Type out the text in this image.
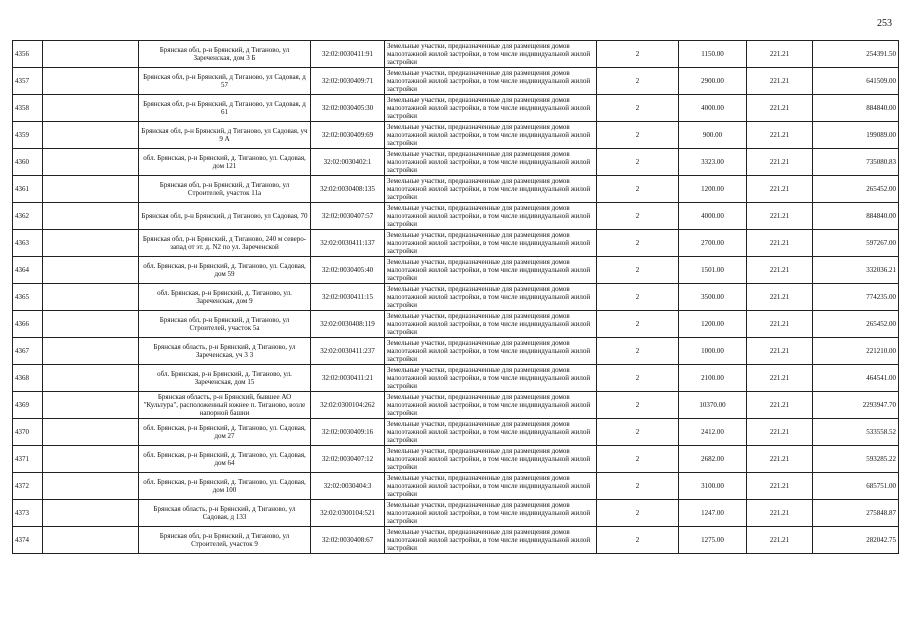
253
4356		Брянская обл, р-н Брянский, д Тиганово, ул Зареченская, дом 3 Б	32:02:0030411:91	Земельные участки, предназначенные для размещения домов малоэтажной жилой застройки, в том числе индивидуальной жилой застройки	2	1150.00	221.21	254391.50
4357		Брянская обл, р-н Брянский, д Тиганово, ул Садовая, д 57	32:02:0030409:71	Земельные участки, предназначенные для размещения домов малоэтажной жилой застройки, в том числе индивидуальной жилой застройки	2	2900.00	221.21	641509.00
4358		Брянская обл, р-н Брянский, д Тиганово, ул Садовая, д 61	32:02:0030405:30	Земельные участки, предназначенные для размещения домов малоэтажной жилой застройки, в том числе индивидуальной жилой застройки	2	4000.00	221.21	884840.00
4359		Брянская обл, р-н Брянский, д Тиганово, ул Садовая, уч 9 А	32:02:0030409:69	Земельные участки, предназначенные для размещения домов малоэтажной жилой застройки, в том числе индивидуальной жилой застройки	2	900.00	221.21	199089.00
4360		обл. Брянская, р-н Брянский, д. Тиганово, ул. Садовая, дом 121	32:02:0030402:1	Земельные участки, предназначенные для размещения домов малоэтажной жилой застройки, в том числе индивидуальной жилой застройки	2	3323.00	221.21	735080.83
4361		Брянская обл, р-н Брянский, д Тиганово, ул Строителей, участок 11а	32:02:0030408:135	Земельные участки, предназначенные для размещения домов малоэтажной жилой застройки, в том числе индивидуальной жилой застройки	2	1200.00	221.21	265452.00
4362		Брянская обл, р-н Брянский, д Тиганово, ул Садовая, 70	32:02:0030407:57	Земельные участки, предназначенные для размещения домов малоэтажной жилой застройки, в том числе индивидуальной жилой застройки	2	4000.00	221.21	884840.00
4363		Брянская обл, р-н Брянский, д Тиганово, 240 м северо-запад от эт. д. N2 по ул. Зареченской	32:02:0030411:137	Земельные участки, предназначенные для размещения домов малоэтажной жилой застройки, в том числе индивидуальной жилой застройки	2	2700.00	221.21	597267.00
4364		обл. Брянская, р-н Брянский, д. Тиганово, ул. Садовая, дом 59	32:02:0030405:40	Земельные участки, предназначенные для размещения домов малоэтажной жилой застройки, в том числе индивидуальной жилой застройки	2	1501.00	221.21	332036.21
4365		обл. Брянская, р-н Брянский, д. Тиганово, ул. Зареченская, дом 9	32:02:0030411:15	Земельные участки, предназначенные для размещения домов малоэтажной жилой застройки, в том числе индивидуальной жилой застройки	2	3500.00	221.21	774235.00
4366		Брянская обл, р-н Брянский, д Тиганово, ул Строителей, участок 5а	32:02:0030408:119	Земельные участки, предназначенные для размещения домов малоэтажной жилой застройки, в том числе индивидуальной жилой застройки	2	1200.00	221.21	265452.00
4367		Брянская область, р-н Брянский, д Тиганово, ул Зареченская, уч 3 3	32:02:0030411:237	Земельные участки, предназначенные для размещения домов малоэтажной жилой застройки, в том числе индивидуальной жилой застройки	2	1000.00	221.21	221210.00
4368		обл. Брянская, р-н Брянский, д. Тиганово, ул. Зареченская, дом 15	32:02:0030411:21	Земельные участки, предназначенные для размещения домов малоэтажной жилой застройки, в том числе индивидуальной жилой застройки	2	2100.00	221.21	464541.00
4369		Брянская область, р-н Брянский, бывшее АО "Культура", расположенный южнее п. Тиганово, возле напорной башни	32:02:0300104:262	Земельные участки, предназначенные для размещения домов малоэтажной жилой застройки, в том числе индивидуальной жилой застройки	2	10370.00	221.21	2293947.70
4370		обл. Брянская, р-н Брянский, д. Тиганово, ул. Садовая, дом 27	32:02:0030409:16	Земельные участки, предназначенные для размещения домов малоэтажной жилой застройки, в том числе индивидуальной жилой застройки	2	2412.00	221.21	533558.52
4371		обл. Брянская, р-н Брянский, д. Тиганово, ул. Садовая, дом 64	32:02:0030407:12	Земельные участки, предназначенные для размещения домов малоэтажной жилой застройки, в том числе индивидуальной жилой застройки	2	2682.00	221.21	593285.22
4372		обл. Брянская, р-н Брянский, д. Тиганово, ул. Садовая, дом 100	32:02:0030404:3	Земельные участки, предназначенные для размещения домов малоэтажной жилой застройки, в том числе индивидуальной жилой застройки	2	3100.00	221.21	685751.00
4373		Брянская область, р-н Брянский, д Тиганово, ул Садовая, д 133	32:02:0300104:521	Земельные участки, предназначенные для размещения домов малоэтажной жилой застройки, в том числе индивидуальной жилой застройки	2	1247.00	221.21	275848.87
4374		Брянская обл, р-н Брянский, д Тиганово, ул Строителей, участок 9	32:02:0030408:67	Земельные участки, предназначенные для размещения домов малоэтажной жилой застройки, в том числе индивидуальной жилой застройки	2	1275.00	221.21	282042.75
